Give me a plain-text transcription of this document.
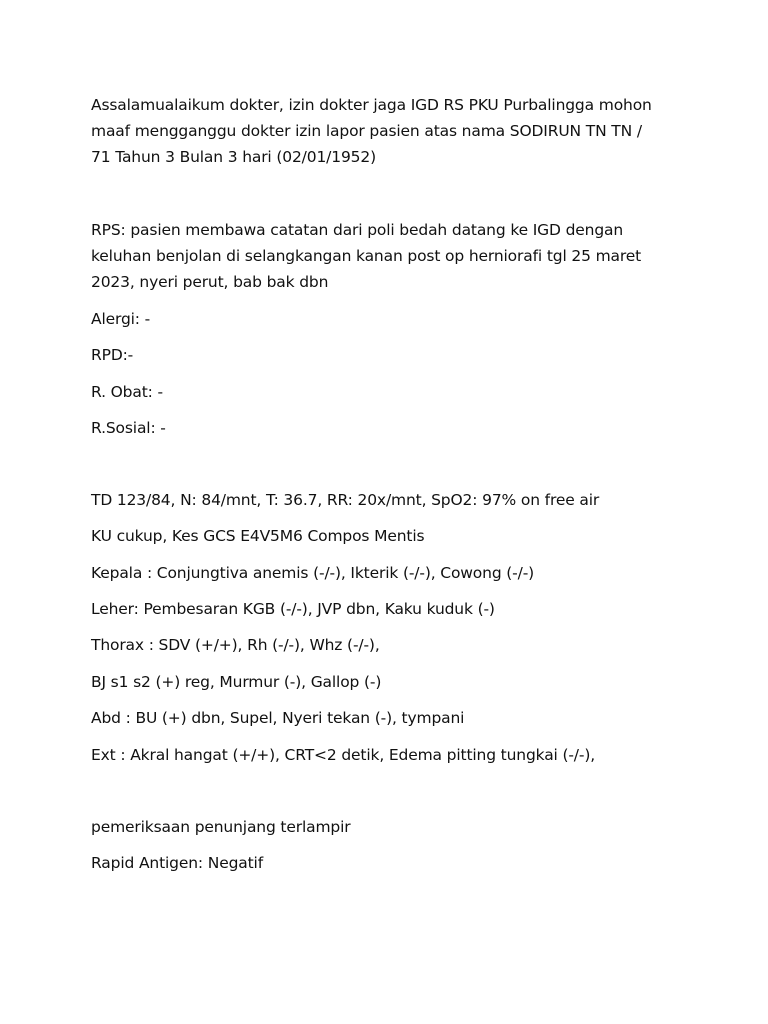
Assalamualaikum dokter, izin dokter jaga IGD RS PKU Purbalingga mohon
maaf mengganggu dokter izin lapor pasien atas nama SODIRUN TN TN /
71 Tahun 3 Bulan 3 hari (02/01/1952)
RPS: pasien membawa catatan dari poli bedah datang ke IGD dengan
keluhan benjolan di selangkangan kanan post op herniorafi tgl 25 maret
2023, nyeri perut, bab bak dbn
Alergi: -
RPD:-
R. Obat: -
R.Sosial: -
TD 123/84, N: 84/mnt, T: 36.7, RR: 20x/mnt, SpO2: 97% on free air
KU cukup, Kes GCS E4V5M6 Compos Mentis
Kepala : Conjungtiva anemis (-/-), Ikterik (-/-), Cowong (-/-)
Leher: Pembesaran KGB (-/-), JVP dbn, Kaku kuduk (-)
Thorax : SDV (+/+), Rh (-/-), Whz (-/-),
BJ s1 s2 (+) reg, Murmur (-), Gallop (-)
Abd : BU (+) dbn, Supel, Nyeri tekan (-), tympani
Ext : Akral hangat (+/+), CRT<2 detik, Edema pitting tungkai (-/-),
pemeriksaan penunjang terlampir
Rapid Antigen: Negatif
